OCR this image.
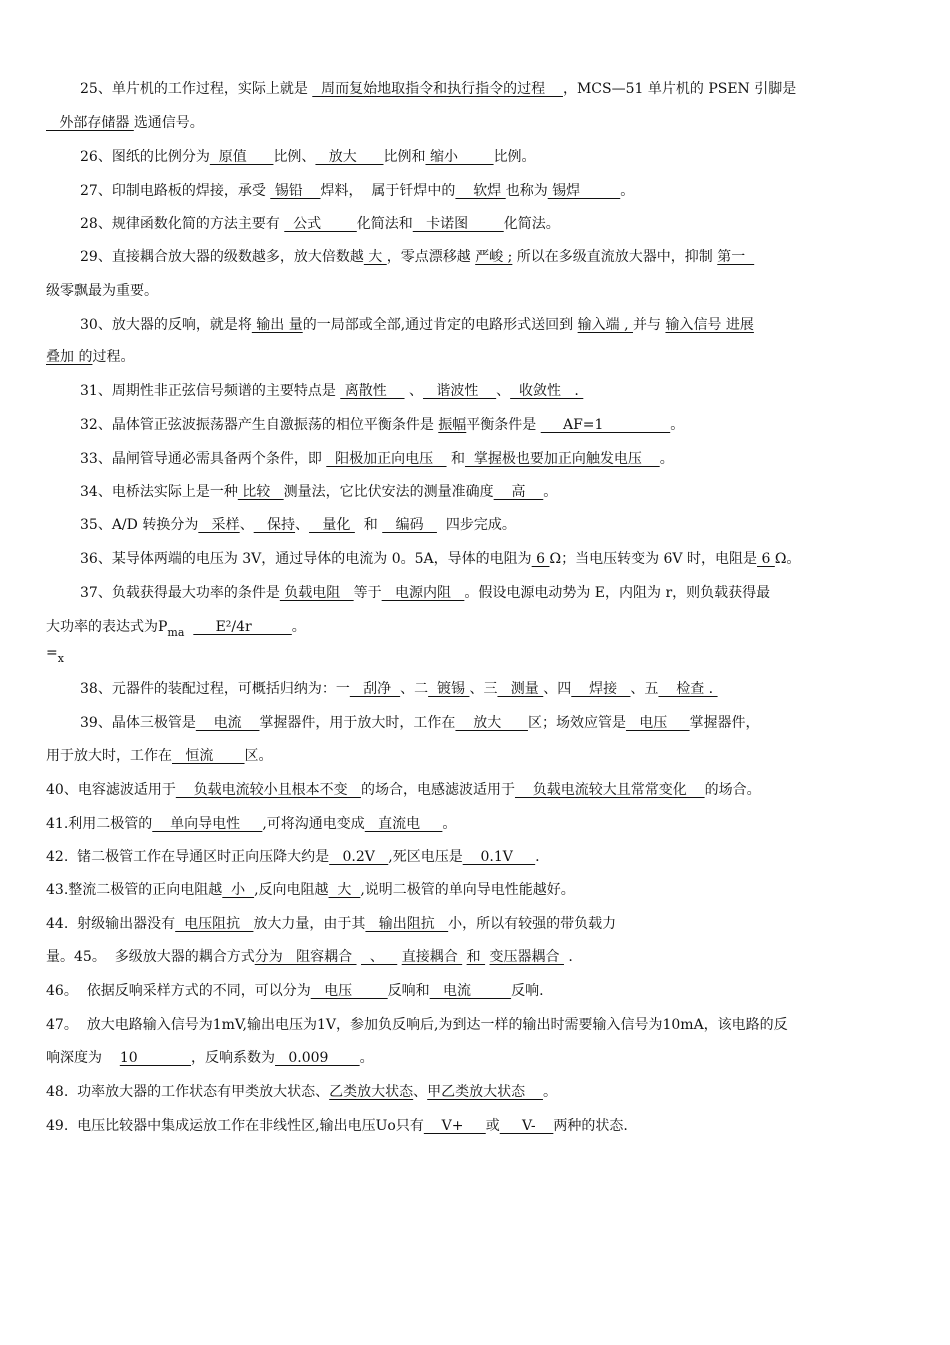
25、单片机的工作过程，实际上就是   周而复始地取指令和执行指令的过程    ，MCS—51 单片机的 PSEN 引脚是
外部存储器 选通信号。
26、图纸的比例分为  原值      比例、   放大      比例和 缩小        比例。
27、印制电路板的焊接，承受  锡铅    焊料，  属于钎焊中的    软焊 也称为 锡焊         。
28、规律函数化简的方法主要有   公式        化简法和   卡诺图        化简法。
29、直接耦合放大器的级数越多，放大倍数越 大 ，零点漂移越 严峻 ; 所以在多级直流放大器中，抑制 第一
级零飘最为重要。
30、放大器的反响，就是将 输出 量的一局部或全部,通过肯定的电路形式送回到 输入端 , 并与 输入信号 进展
叠加 的过程。
31、周期性非正弦信号频谱的主要特点是  离散性     、   谐波性    、  收敛性   .
32、晶体管正弦波振荡器产生自激振荡的相位平衡条件是 振幅平衡条件是      AF=1               。
33、晶闸管导通必需具备两个条件，即   阳极加正向电压    和  掌握极也要加正向触发电压    。
34、电桥法实际上是一种 比较   测量法，它比伏安法的测量准确度    高    。
35、A/D 转换分为   采样、   保持、   量化   和    编码     四步完成。
36、某导体两端的电压为 3V，通过导体的电流为 0。5A，导体的电阻为 6 Ω；当电压转变为 6V 时，电阻是 6 Ω。
37、负载获得最大功率的条件是 负载电阻   等于   电源内阻   。假设电源电动势为 E，内阻为 r，则负载获得最
大功率的表达式为$P_{ma}$       E²/4r         。
$=_x$
38、元器件的装配过程，可概括归纳为：一   刮净  、二  镀锡 、三   测量 、四    焊接   、五    检查 .
39、晶体三极管是    电流    掌握器件，用于放大时，工作在    放大      区；场效应管是   电压     掌握器件，
用于放大时，工作在   恒流       区。
40、电容滤波适用于    负载电流较小且根本不变   的场合，电感滤波适用于    负载电流较大且常常变化    的场合。
41.利用二极管的    单向导电性     ,可将沟通电变成   直流电     。
42.  锗二极管工作在导通区时正向压降大约是   0.2V   ,死区电压是    0.1V     .
43.整流二极管的正向电阻越  小  ,反向电阻越  大  ,说明二极管的单向导电性能越好。
44.  射级输出器没有  电压阻抗   放大力量，由于其   输出阻抗   小，所以有较强的带负载力
量。45。  多级放大器的耦合方式分为   阻容耦合    、    直接耦合  和  变压器耦合  .
46。  依据反响采样方式的不同，可以分为   电压        反响和   电流         反响.
47。  放大电路输入信号为1mV,输出电压为1V，参加负反响后,为到达一样的输出时需要输入信号为10mA，该电路的反
响深度为    10            ，反响系数为   0.009       。
48.  功率放大器的工作状态有甲类放大状态、乙类放大状态、甲乙类放大状态    。
49.  电压比较器中集成运放工作在非线性区,输出电压Uo只有    V+     或     V-    两种的状态.
